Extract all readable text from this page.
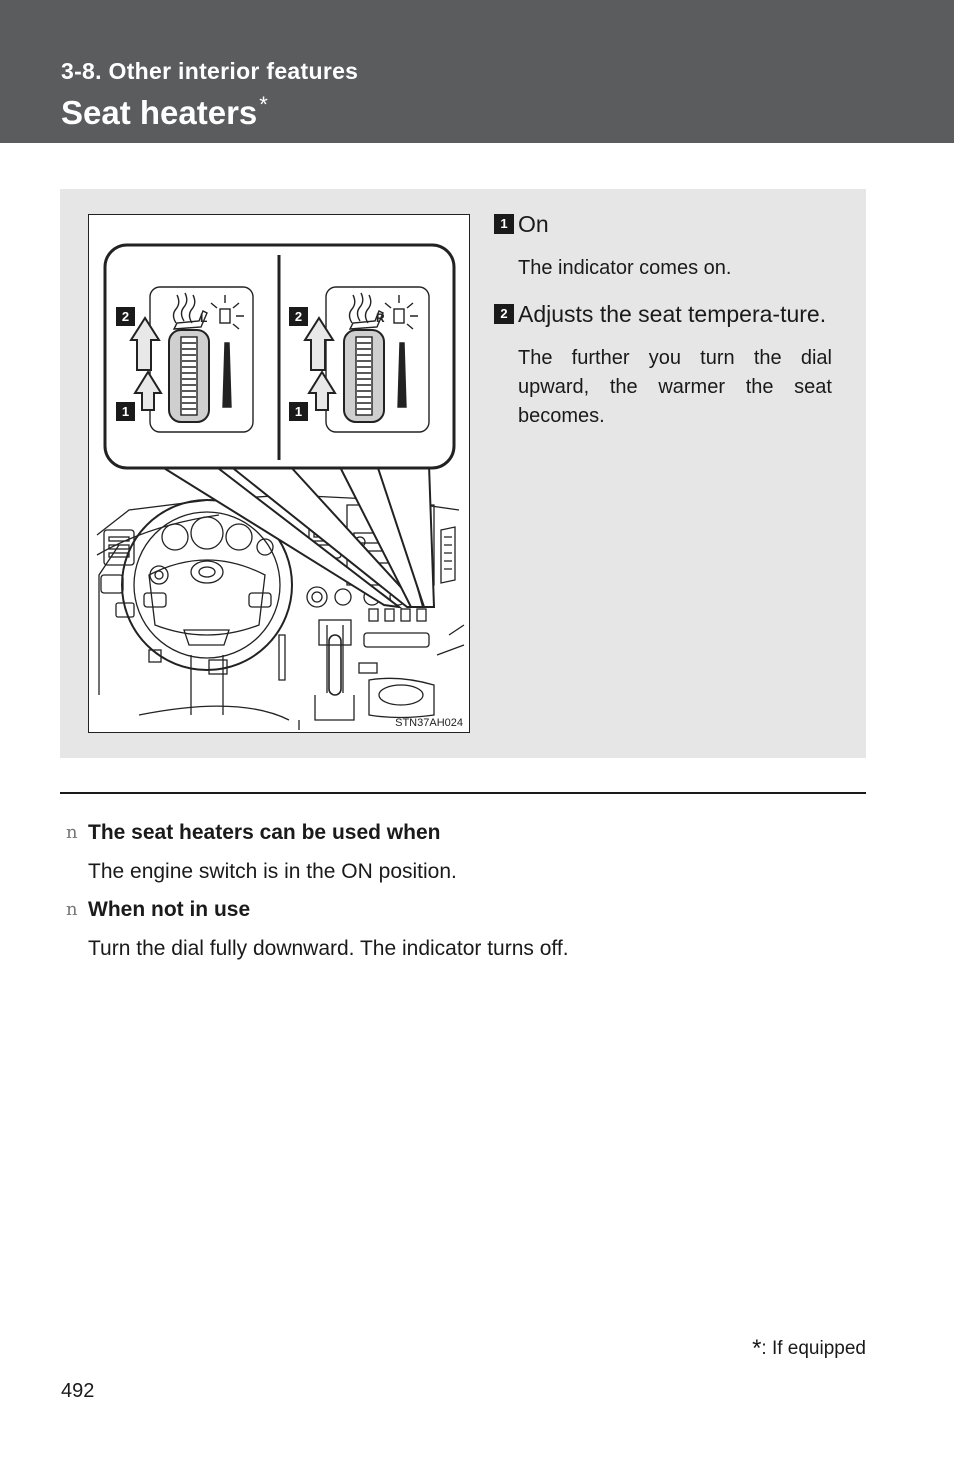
3-8. Other interior features
Seat heaters*
L	R
2
1
2
1
STN37AH024
1 On
The indicator comes on.
2 Adjusts the seat tempera-ture.
The further you turn the dial upward, the warmer the seat becomes.
n The seat heaters can be used when
The engine switch is in the ON position.
n When not in use
Turn the dial fully downward. The indicator turns off.
*: If equipped
492
